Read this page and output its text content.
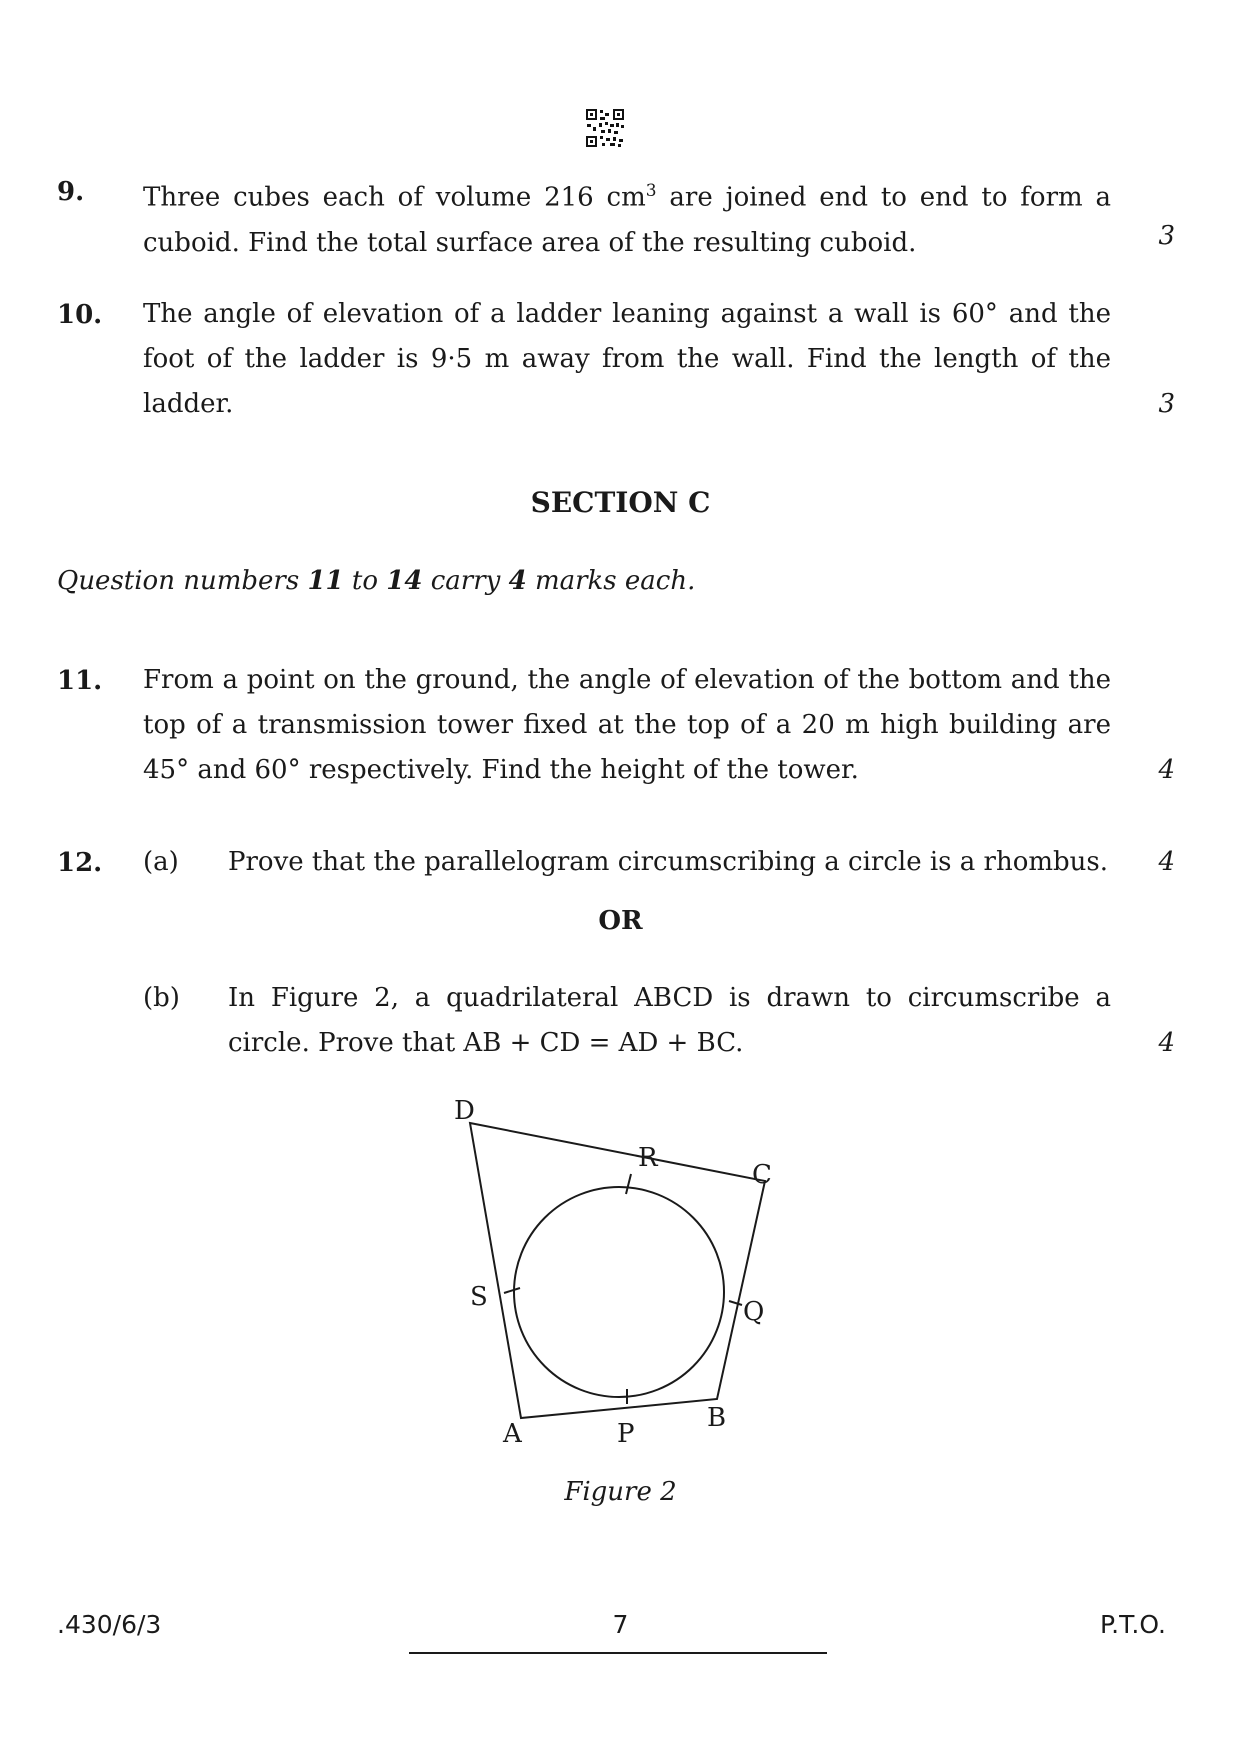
9. Three cubes each of volume 216 $cm^3$ are joined end to end to form a cuboid. Find the total surface area of the resulting cuboid.	3
10. The angle of elevation of a ladder leaning against a wall is 60° and the foot of the ladder is 9·5 m away from the wall. Find the length of the ladder.	3
SECTION C
Question numbers 11 to 14 carry 4 marks each.
11. From a point on the ground, the angle of elevation of the bottom and the top of a transmission tower fixed at the top of a 20 m high building are 45° and 60° respectively. Find the height of the tower.	4
12. (a) Prove that the parallelogram circumscribing a circle is a rhombus.	4
OR
(b) In Figure 2, a quadrilateral ABCD is drawn to circumscribe a circle. Prove that AB + CD = AD + BC.	4
D
R
C
S	Q
A	P
B
Figure 2
.430/6/3	7	P.T.O.
